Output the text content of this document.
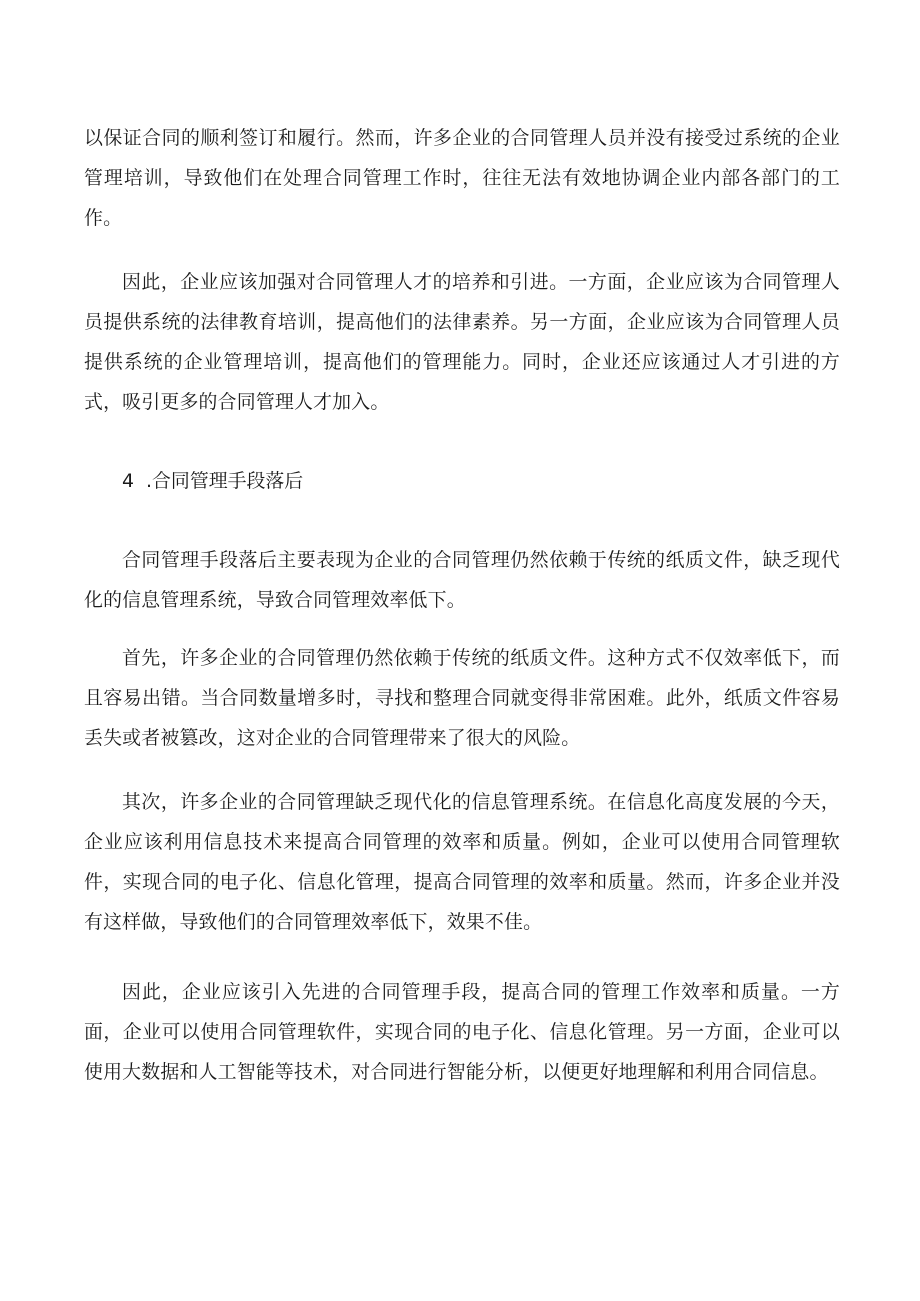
以保证合同的顺利签订和履行。然而，许多企业的合同管理人员并没有接受过系统的企业管理培训，导致他们在处理合同管理工作时，往往无法有效地协调企业内部各部门的工作。

因此，企业应该加强对合同管理人才的培养和引进。一方面，企业应该为合同管理人员提供系统的法律教育培训，提高他们的法律素养。另一方面，企业应该为合同管理人员提供系统的企业管理培训，提高他们的管理能力。同时，企业还应该通过人才引进的方式，吸引更多的合同管理人才加入。

4 .合同管理手段落后

合同管理手段落后主要表现为企业的合同管理仍然依赖于传统的纸质文件，缺乏现代化的信息管理系统，导致合同管理效率低下。

首先，许多企业的合同管理仍然依赖于传统的纸质文件。这种方式不仅效率低下，而且容易出错。当合同数量增多时，寻找和整理合同就变得非常困难。此外，纸质文件容易丢失或者被篡改，这对企业的合同管理带来了很大的风险。

其次，许多企业的合同管理缺乏现代化的信息管理系统。在信息化高度发展的今天，企业应该利用信息技术来提高合同管理的效率和质量。例如，企业可以使用合同管理软件，实现合同的电子化、信息化管理，提高合同管理的效率和质量。然而，许多企业并没有这样做，导致他们的合同管理效率低下，效果不佳。

因此，企业应该引入先进的合同管理手段，提高合同的管理工作效率和质量。一方面，企业可以使用合同管理软件，实现合同的电子化、信息化管理。另一方面，企业可以使用大数据和人工智能等技术，对合同进行智能分析，以便更好地理解和利用合同信息。
